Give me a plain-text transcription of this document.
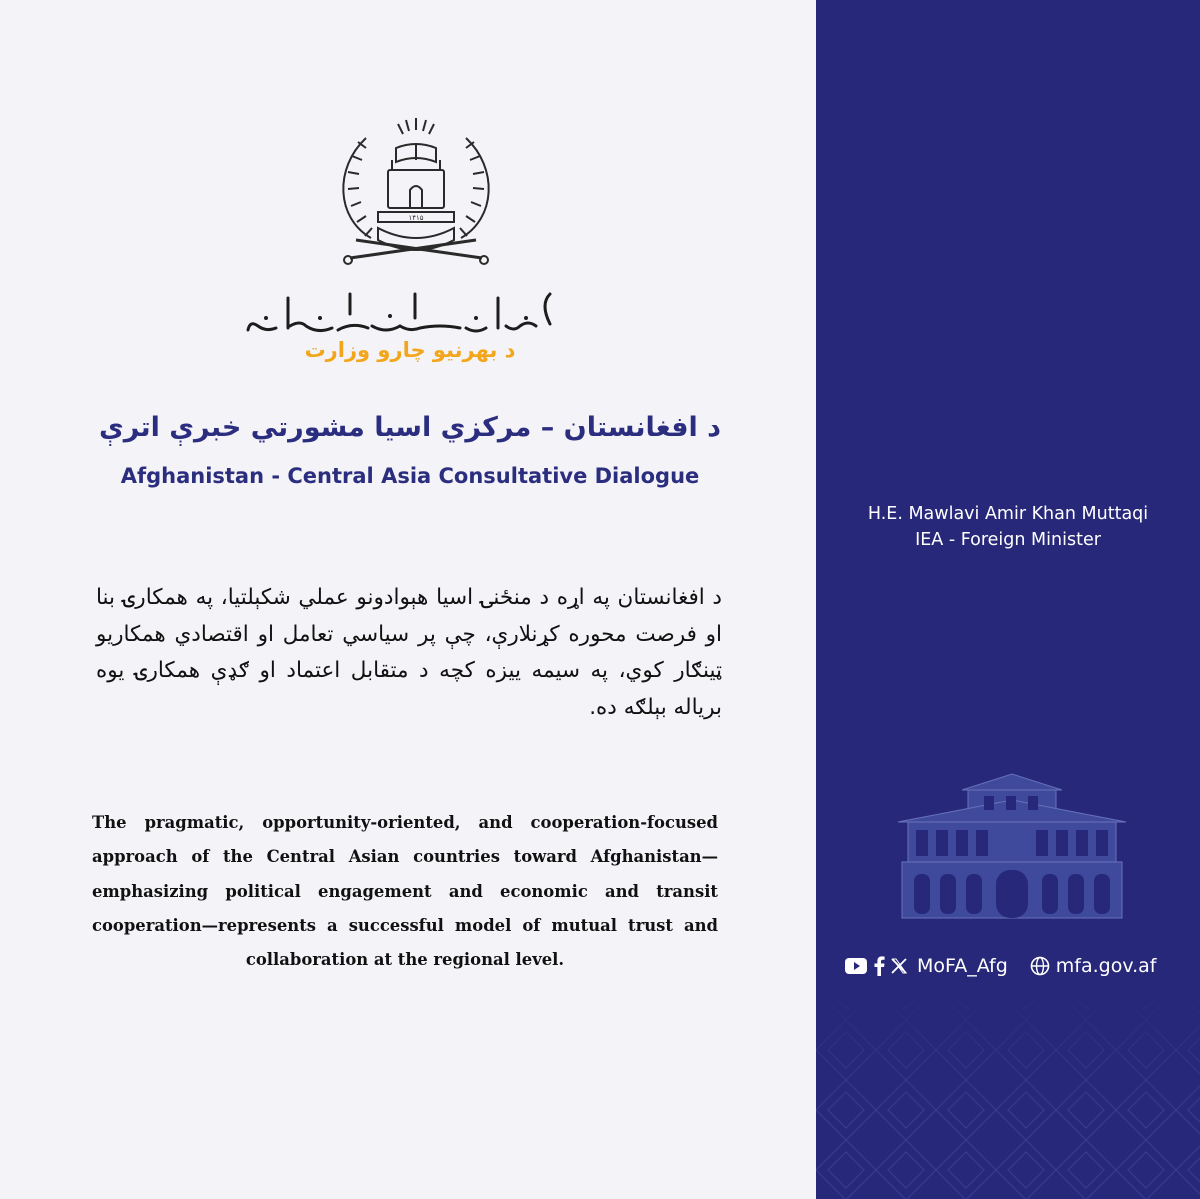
۱۴۱۵
د بهرنيو چارو وزارت
د افغانستان – مرکزي اسيا مشورتي خبرې اترې
Afghanistan - Central Asia Consultative Dialogue
د افغانستان په اړه د منځنۍ اسيا هېوادونو عملي شکېلتيا، په همکارۍ بنا او فرصت محوره کړنلارې، چې پر سياسي تعامل او اقتصادي همکاريو ټينګار کوي، په سيمه ييزه کچه د متقابل اعتماد او ګډې همکارۍ يوه برياله بېلګه ده.
The pragmatic, opportunity-oriented, and cooperation-focused approach of the Central Asian countries toward Afghanistan—emphasizing political engagement and economic and transit cooperation—represents a successful model of mutual trust and collaboration at the regional level.
H.E. Mawlavi Amir Khan Muttaqi
IEA - Foreign Minister
MoFA_Afg	mfa.gov.af
